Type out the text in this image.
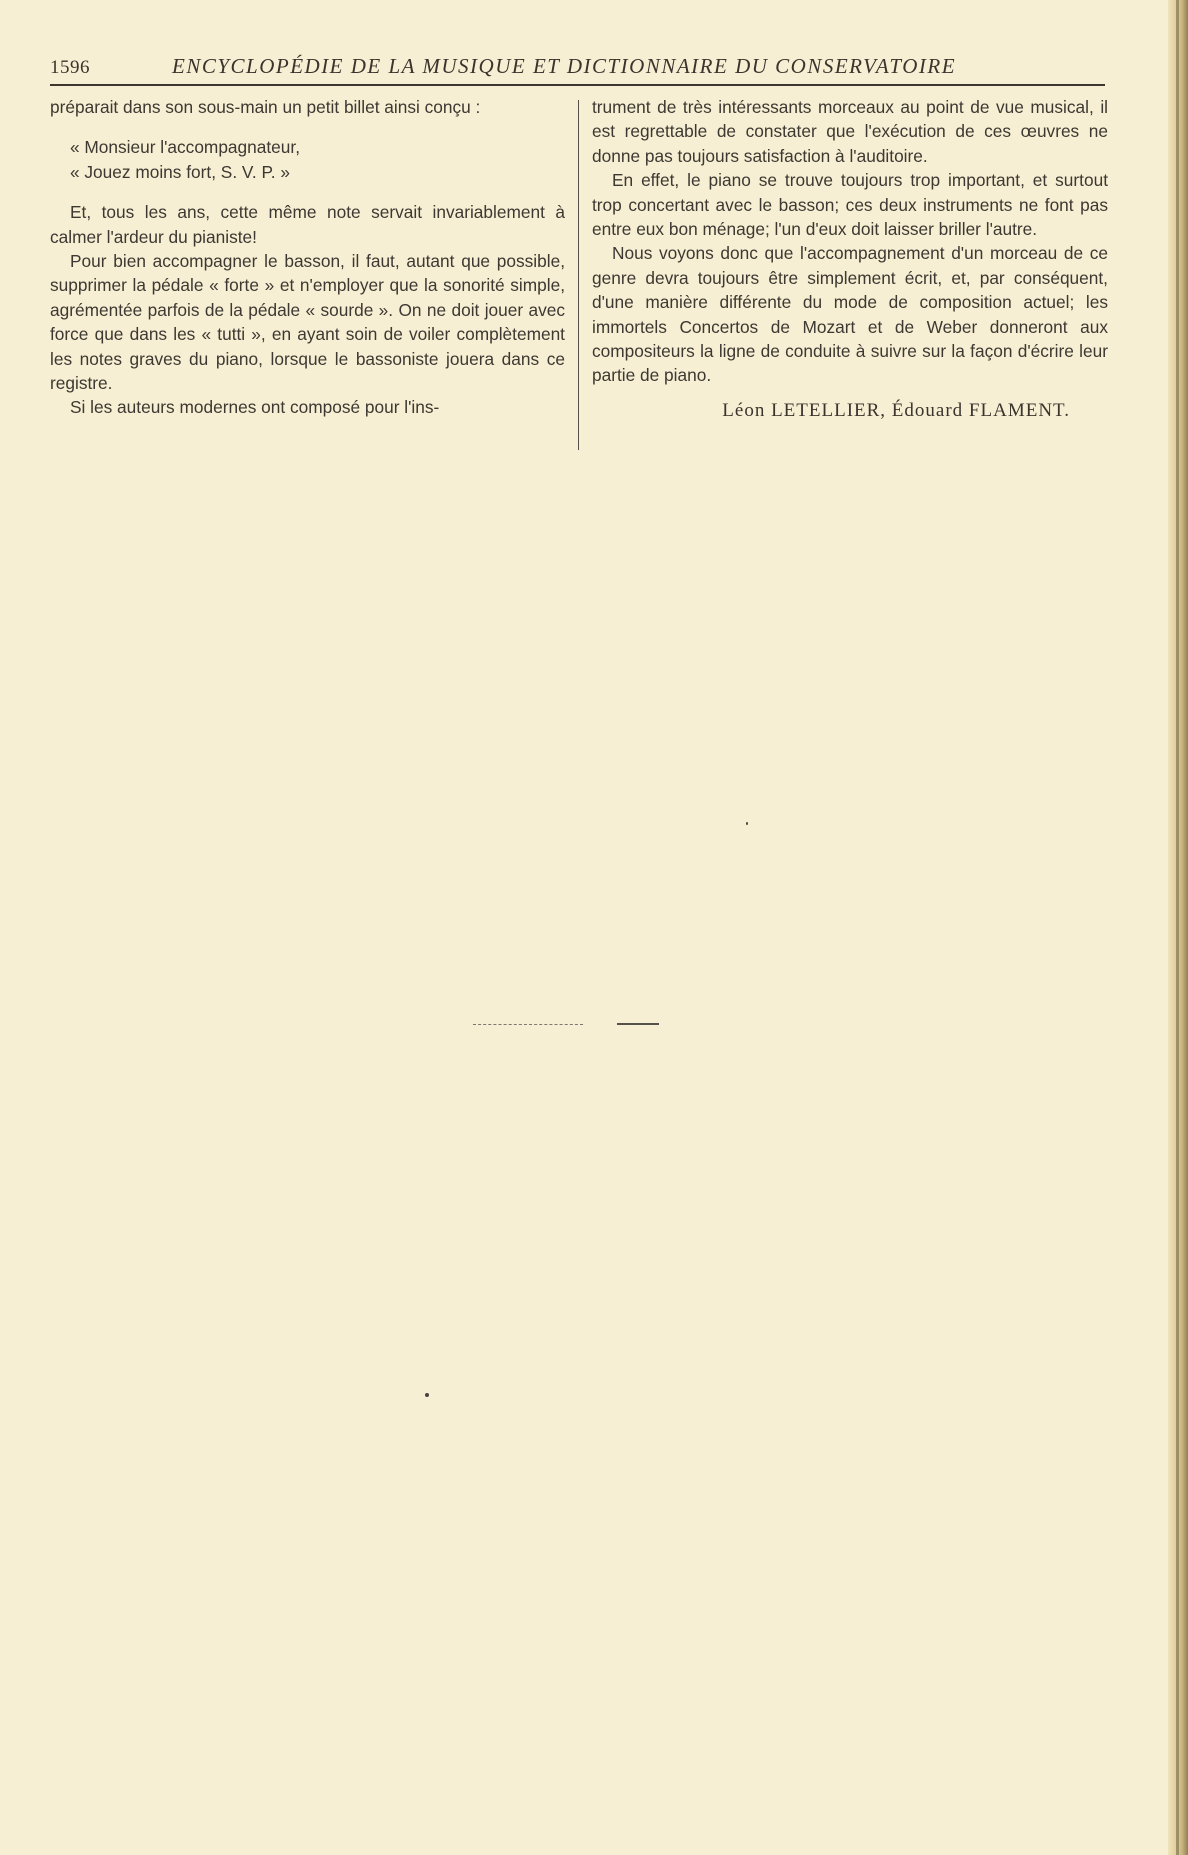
1596	ENCYCLOPÉDIE DE LA MUSIQUE ET DICTIONNAIRE DU CONSERVATOIRE

préparait dans son sous-main un petit billet ainsi conçu :

« Monsieur l'accompagnateur,

« Jouez moins fort, S. V. P. »

Et, tous les ans, cette même note servait invariablement à calmer l'ardeur du pianiste!

Pour bien accompagner le basson, il faut, autant que possible, supprimer la pédale « forte » et n'employer que la sonorité simple, agrémentée parfois de la pédale « sourde ». On ne doit jouer avec force que dans les « tutti », en ayant soin de voiler complètement les notes graves du piano, lorsque le bassoniste jouera dans ce registre.

Si les auteurs modernes ont composé pour l'ins-

trument de très intéressants morceaux au point de vue musical, il est regrettable de constater que l'exécution de ces œuvres ne donne pas toujours satisfaction à l'auditoire.

En effet, le piano se trouve toujours trop important, et surtout trop concertant avec le basson; ces deux instruments ne font pas entre eux bon ménage; l'un d'eux doit laisser briller l'autre.

Nous voyons donc que l'accompagnement d'un morceau de ce genre devra toujours être simplement écrit, et, par conséquent, d'une manière différente du mode de composition actuel; les immortels Concertos de Mozart et de Weber donneront aux compositeurs la ligne de conduite à suivre sur la façon d'écrire leur partie de piano.

Léon LETELLIER, Édouard FLAMENT.
